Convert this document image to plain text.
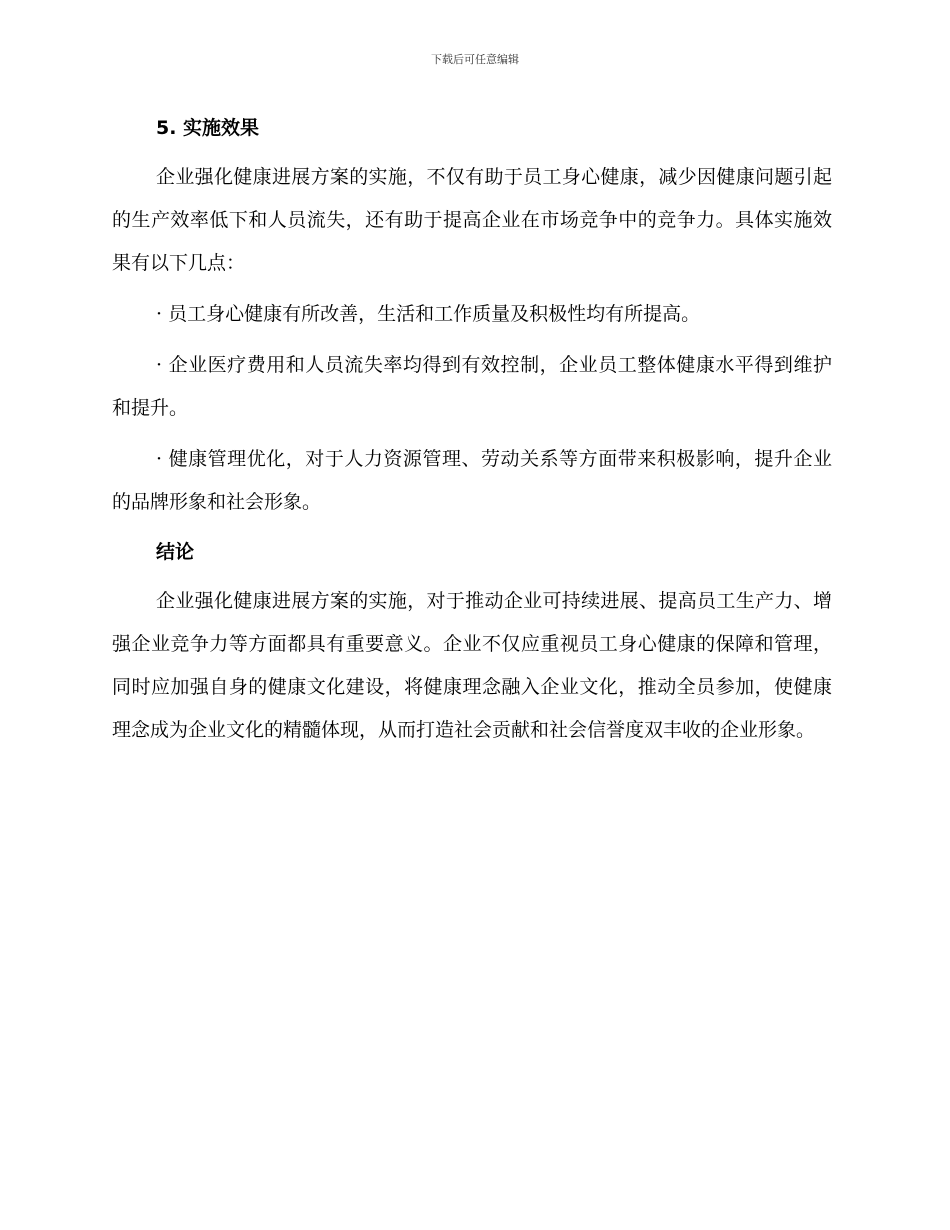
下载后可任意编辑
5. 实施效果

企业强化健康进展方案的实施，不仅有助于员工身心健康，减少因健康问题引起的生产效率低下和人员流失，还有助于提高企业在市场竞争中的竞争力。具体实施效果有以下几点：

· 员工身心健康有所改善，生活和工作质量及积极性均有所提高。

· 企业医疗费用和人员流失率均得到有效控制，企业员工整体健康水平得到维护和提升。

· 健康管理优化，对于人力资源管理、劳动关系等方面带来积极影响，提升企业的品牌形象和社会形象。

结论

企业强化健康进展方案的实施，对于推动企业可持续进展、提高员工生产力、增强企业竞争力等方面都具有重要意义。企业不仅应重视员工身心健康的保障和管理，同时应加强自身的健康文化建设，将健康理念融入企业文化，推动全员参加，使健康理念成为企业文化的精髓体现，从而打造社会贡献和社会信誉度双丰收的企业形象。
